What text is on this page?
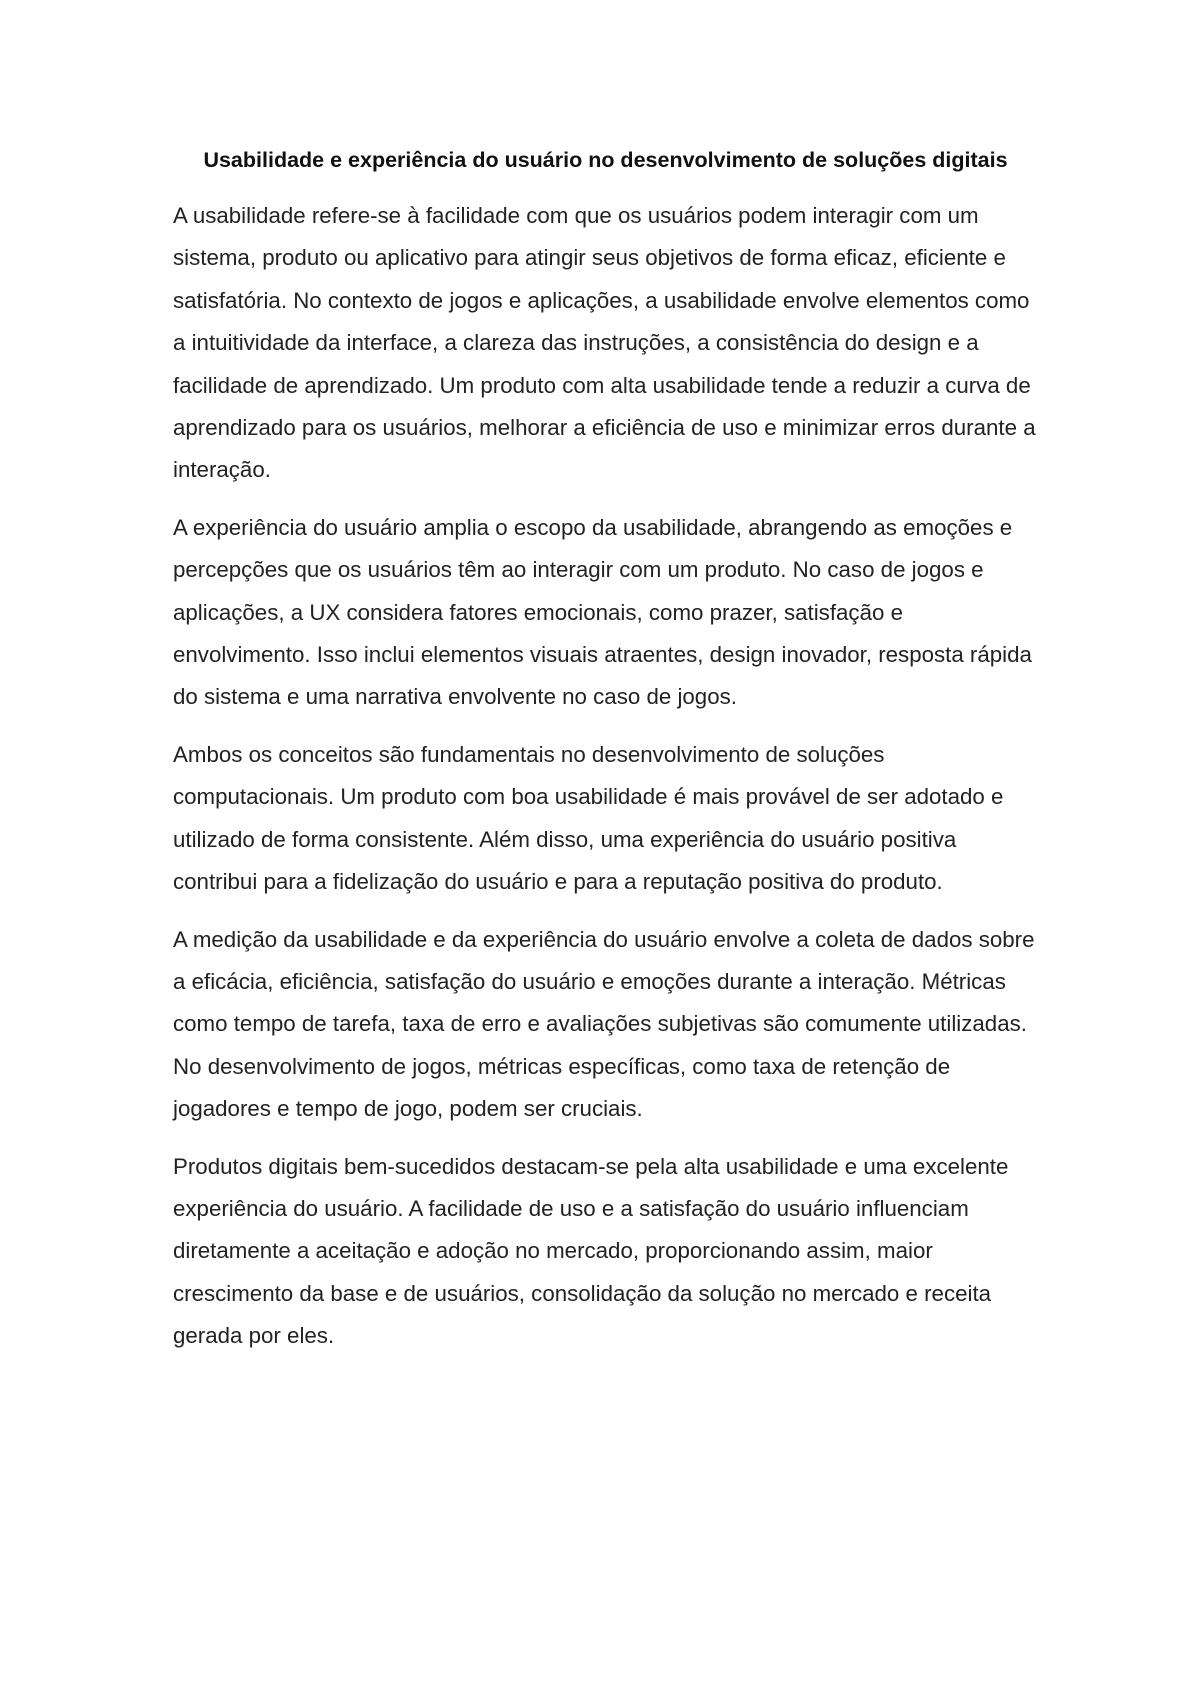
Usabilidade e experiência do usuário no desenvolvimento de soluções digitais

A usabilidade refere-se à facilidade com que os usuários podem interagir com um sistema, produto ou aplicativo para atingir seus objetivos de forma eficaz, eficiente e satisfatória. No contexto de jogos e aplicações, a usabilidade envolve elementos como a intuitividade da interface, a clareza das instruções, a consistência do design e a facilidade de aprendizado. Um produto com alta usabilidade tende a reduzir a curva de aprendizado para os usuários, melhorar a eficiência de uso e minimizar erros durante a interação.

A experiência do usuário amplia o escopo da usabilidade, abrangendo as emoções e percepções que os usuários têm ao interagir com um produto. No caso de jogos e aplicações, a UX considera fatores emocionais, como prazer, satisfação e envolvimento. Isso inclui elementos visuais atraentes, design inovador, resposta rápida do sistema e uma narrativa envolvente no caso de jogos.

Ambos os conceitos são fundamentais no desenvolvimento de soluções computacionais. Um produto com boa usabilidade é mais provável de ser adotado e utilizado de forma consistente. Além disso, uma experiência do usuário positiva contribui para a fidelização do usuário e para a reputação positiva do produto.

A medição da usabilidade e da experiência do usuário envolve a coleta de dados sobre a eficácia, eficiência, satisfação do usuário e emoções durante a interação. Métricas como tempo de tarefa, taxa de erro e avaliações subjetivas são comumente utilizadas. No desenvolvimento de jogos, métricas específicas, como taxa de retenção de jogadores e tempo de jogo, podem ser cruciais.

Produtos digitais bem-sucedidos destacam-se pela alta usabilidade e uma excelente experiência do usuário. A facilidade de uso e a satisfação do usuário influenciam diretamente a aceitação e adoção no mercado, proporcionando assim, maior crescimento da base e de usuários, consolidação da solução no mercado e receita gerada por eles.
